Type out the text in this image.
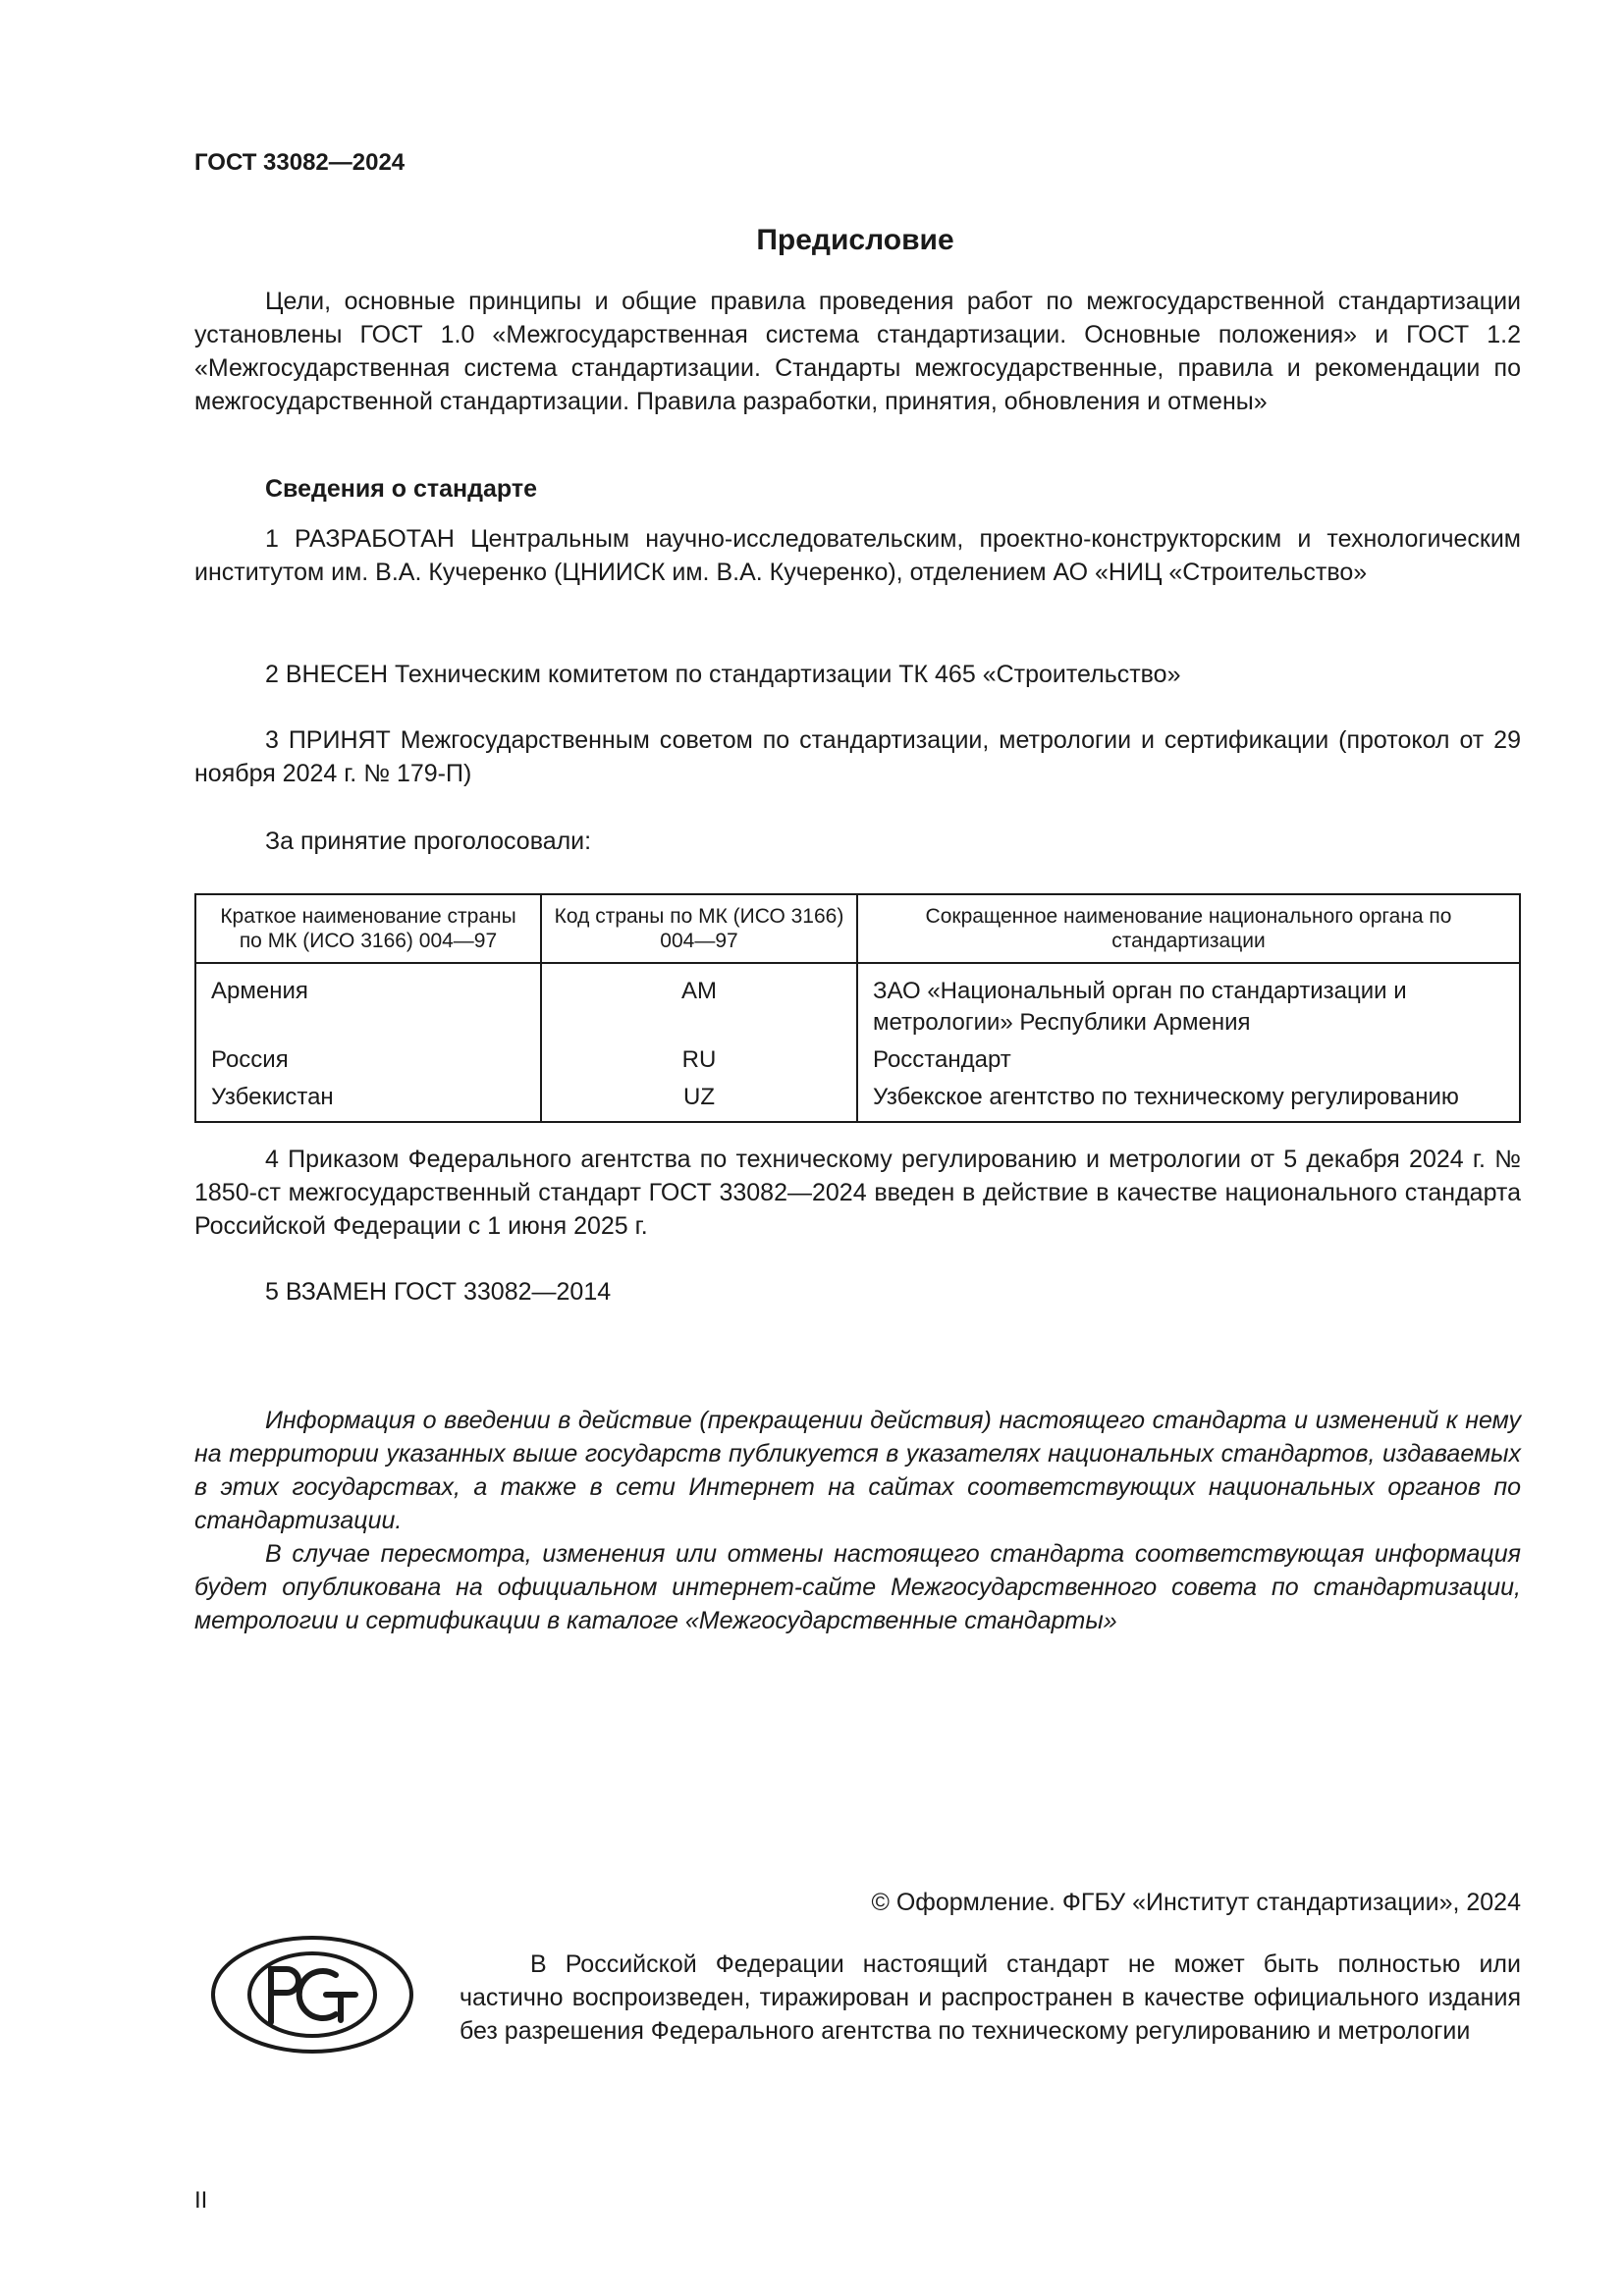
ГОСТ 33082—2024
Предисловие

Цели, основные принципы и общие правила проведения работ по межгосударственной стандартизации установлены ГОСТ 1.0 «Межгосударственная система стандартизации. Основные положения» и ГОСТ 1.2 «Межгосударственная система стандартизации. Стандарты межгосударственные, правила и рекомендации по межгосударственной стандартизации. Правила разработки, принятия, обновления и отмены»

Сведения о стандарте

1 РАЗРАБОТАН Центральным научно-исследовательским, проектно-конструкторским и технологическим институтом им. В.А. Кучеренко (ЦНИИСК им. В.А. Кучеренко), отделением АО «НИЦ «Строительство»

2 ВНЕСЕН Техническим комитетом по стандартизации ТК 465 «Строительство»

3 ПРИНЯТ Межгосударственным советом по стандартизации, метрологии и сертификации (протокол от 29 ноября 2024 г. № 179-П)

За принятие проголосовали:

Краткое наименование страны по МК (ИСО 3166) 004—97	Код страны по МК (ИСО 3166) 004—97	Сокращенное наименование национального органа по стандартизации
Армения	AM	ЗАО «Национальный орган по стандартизации и метрологии» Республики Армения
Россия	RU	Росстандарт
Узбекистан	UZ	Узбекское агентство по техническому регулированию

4 Приказом Федерального агентства по техническому регулированию и метрологии от 5 декабря 2024 г. № 1850-ст межгосударственный стандарт ГОСТ 33082—2024 введен в действие в качестве национального стандарта Российской Федерации с 1 июня 2025 г.

5 ВЗАМЕН ГОСТ 33082—2014

Информация о введении в действие (прекращении действия) настоящего стандарта и изменений к нему на территории указанных выше государств публикуется в указателях национальных стандартов, издаваемых в этих государствах, а также в сети Интернет на сайтах соответствующих национальных органов по стандартизации.

В случае пересмотра, изменения или отмены настоящего стандарта соответствующая информация будет опубликована на официальном интернет-сайте Межгосударственного совета по стандартизации, метрологии и сертификации в каталоге «Межгосударственные стандарты»

© Оформление. ФГБУ «Институт стандартизации», 2024

В Российской Федерации настоящий стандарт не может быть полностью или частично воспроизведен, тиражирован и распространен в качестве официального издания без разрешения Федерального агентства по техническому регулированию и метрологии

II
